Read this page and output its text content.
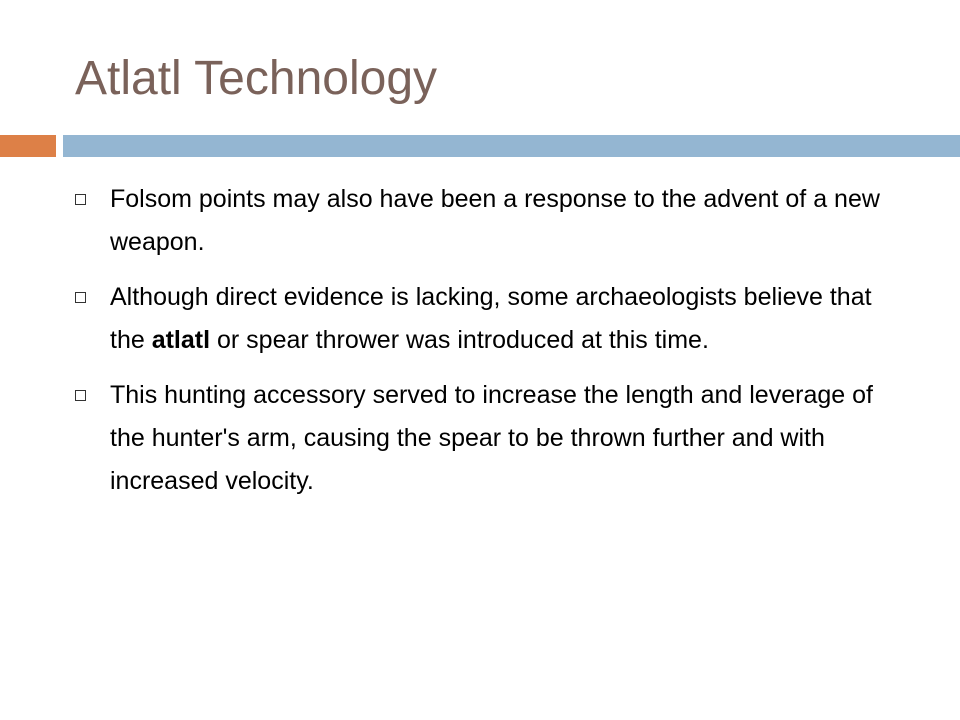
Atlatl Technology
Folsom points may also have been a response to the advent of a new weapon.
Although direct evidence is lacking, some archaeologists believe that the atlatl or spear thrower was introduced at this time.
This hunting accessory served to increase the length and leverage of the hunter's arm, causing the spear to be thrown further and with increased velocity.
